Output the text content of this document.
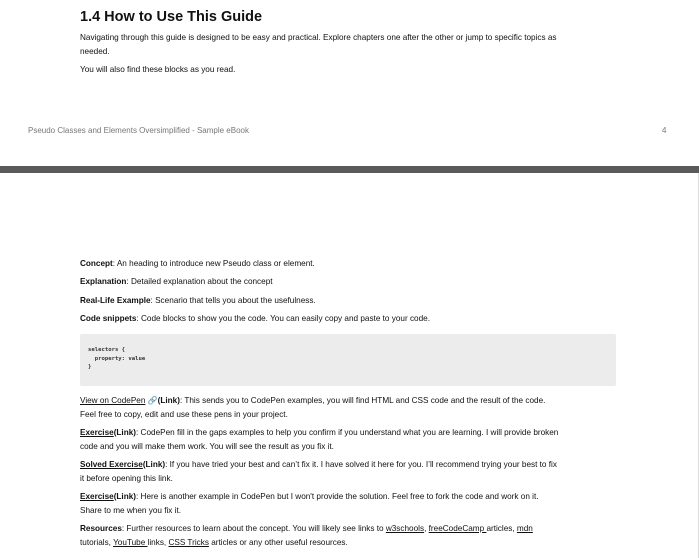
1.4 How to Use This Guide

Navigating through this guide is designed to be easy and practical. Explore chapters one after the other or jump to specific topics as
needed.

You will also find these blocks as you read.

Pseudo Classes and Elements Oversimplified - Sample eBook	4
Concept: An heading to introduce new Pseudo class or element.
Explanation: Detailed explanation about the concept
Real-Life Example: Scenario that tells you about the usefulness.
Code snippets: Code blocks to show you the code. You can easily copy and paste to your code.
selectors {
property: value
}
View on CodePen 🔗(Link): This sends you to CodePen examples, you will find HTML and CSS code and the result of the code.
Feel free to copy, edit and use these pens in your project.
Exercise(Link): CodePen fill in the gaps examples to help you confirm if you understand what you are learning. I will provide broken
code and you will make them work. You will see the result as you fix it.
Solved Exercise(Link): If you have tried your best and can’t fix it. I have solved it here for you. I’ll recommend trying your best to fix
it before opening this link.
Exercise(Link): Here is another example in CodePen but I won't provide the solution. Feel free to fork the code and work on it.
Share to me when you fix it.
Resources: Further resources to learn about the concept. You will likely see links to w3schools, freeCodeCamp articles, mdn
tutorials, YouTube links, CSS Tricks articles or any other useful resources.
